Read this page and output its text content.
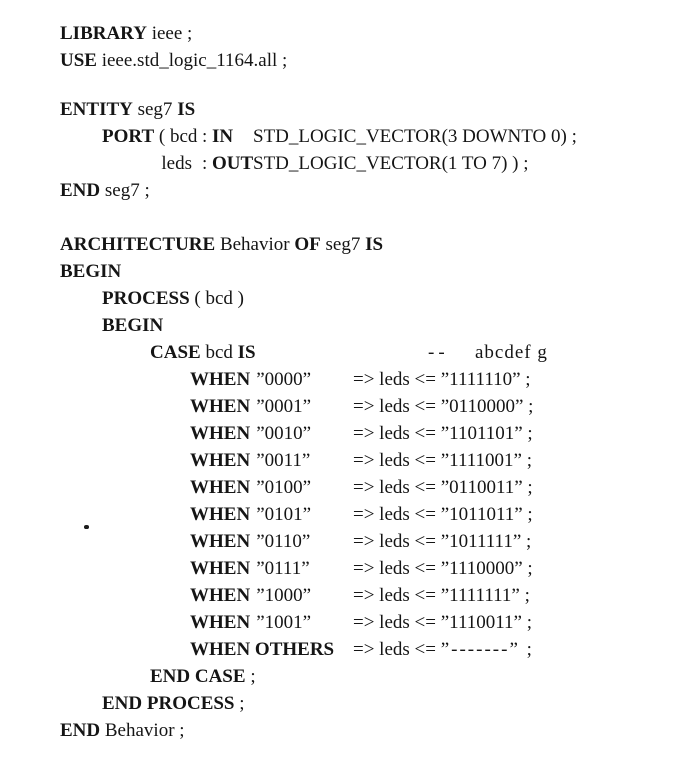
LIBRARY ieee ;
USE ieee.std_logic_1164.all ;
ENTITY seg7 IS
PORT ( bcd : IN STD_LOGIC_VECTOR(3 DOWNTO 0) ;
leds : OUTSTD_LOGIC_VECTOR(1 TO 7) ) ;
END seg7 ;
ARCHITECTURE Behavior OF seg7 IS
BEGIN
PROCESS ( bcd )
BEGIN
CASE bcd IS	-- abcdef g
WHEN ”0000” => leds <= ”1111110” ;
WHEN ”0001” => leds <= ”0110000” ;
WHEN ”0010” => leds <= ”1101101” ;
WHEN ”0011” => leds <= ”1111001” ;
WHEN ”0100” => leds <= ”0110011” ;
WHEN ”0101” => leds <= ”1011011” ;
WHEN ”0110” => leds <= ”1011111” ;
WHEN ”0111” => leds <= ”1110000” ;
WHEN ”1000” => leds <= ”1111111” ;
WHEN ”1001” => leds <= ”1110011” ;
WHEN OTHERS => leds <= ”-------” ;
END CASE ;
END PROCESS ;
END Behavior ;
